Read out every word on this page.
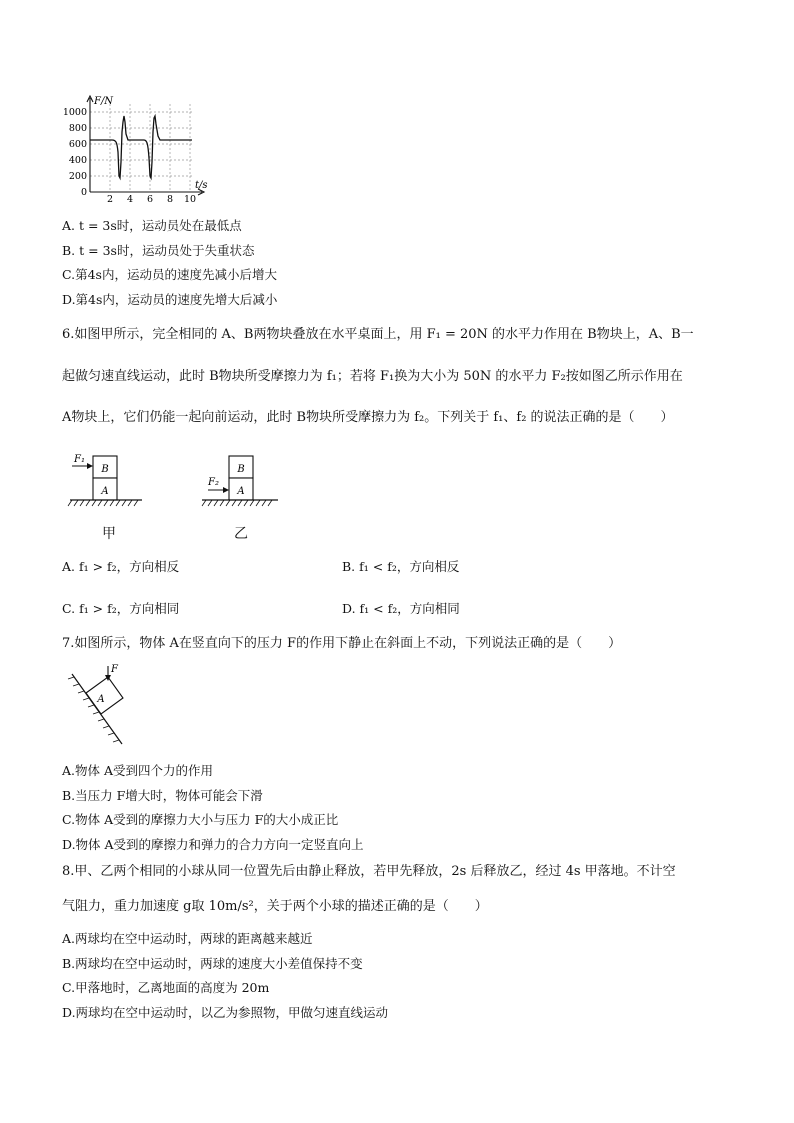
F/N
t/s
1000
800
600
400
200
0
2 4 6 8 10
A. t = 3s时，运动员处在最低点
B. t = 3s时，运动员处于失重状态
C.第4s内，运动员的速度先减小后增大
D.第4s内，运动员的速度先增大后减小
6.如图甲所示，完全相同的 A、B两物块叠放在水平桌面上，用 F₁ = 20N 的水平力作用在 B物块上，A、B一
起做匀速直线运动，此时 B物块所受摩擦力为 f₁；若将 F₁换为大小为 50N 的水平力 F₂按如图乙所示作用在
A物块上，它们仍能一起向前运动，此时 B物块所受摩擦力为 f₂。下列关于 f₁、f₂ 的说法正确的是（　　）
F₁
B
A
甲
F₂
B
A
乙
A. f₁ > f₂，方向相反	B. f₁ < f₂，方向相反
C. f₁ > f₂，方向相同	D. f₁ < f₂，方向相同
7.如图所示，物体 A在竖直向下的压力 F的作用下静止在斜面上不动，下列说法正确的是（　　）
F
A
A.物体 A受到四个力的作用
B.当压力 F增大时，物体可能会下滑
C.物体 A受到的摩擦力大小与压力 F的大小成正比
D.物体 A受到的摩擦力和弹力的合力方向一定竖直向上
8.甲、乙两个相同的小球从同一位置先后由静止释放，若甲先释放，2s 后释放乙，经过 4s 甲落地。不计空
气阻力，重力加速度 g取 10m/s²，关于两个小球的描述正确的是（　　）
A.两球均在空中运动时，两球的距离越来越近
B.两球均在空中运动时，两球的速度大小差值保持不变
C.甲落地时，乙离地面的高度为 20m
D.两球均在空中运动时，以乙为参照物，甲做匀速直线运动
